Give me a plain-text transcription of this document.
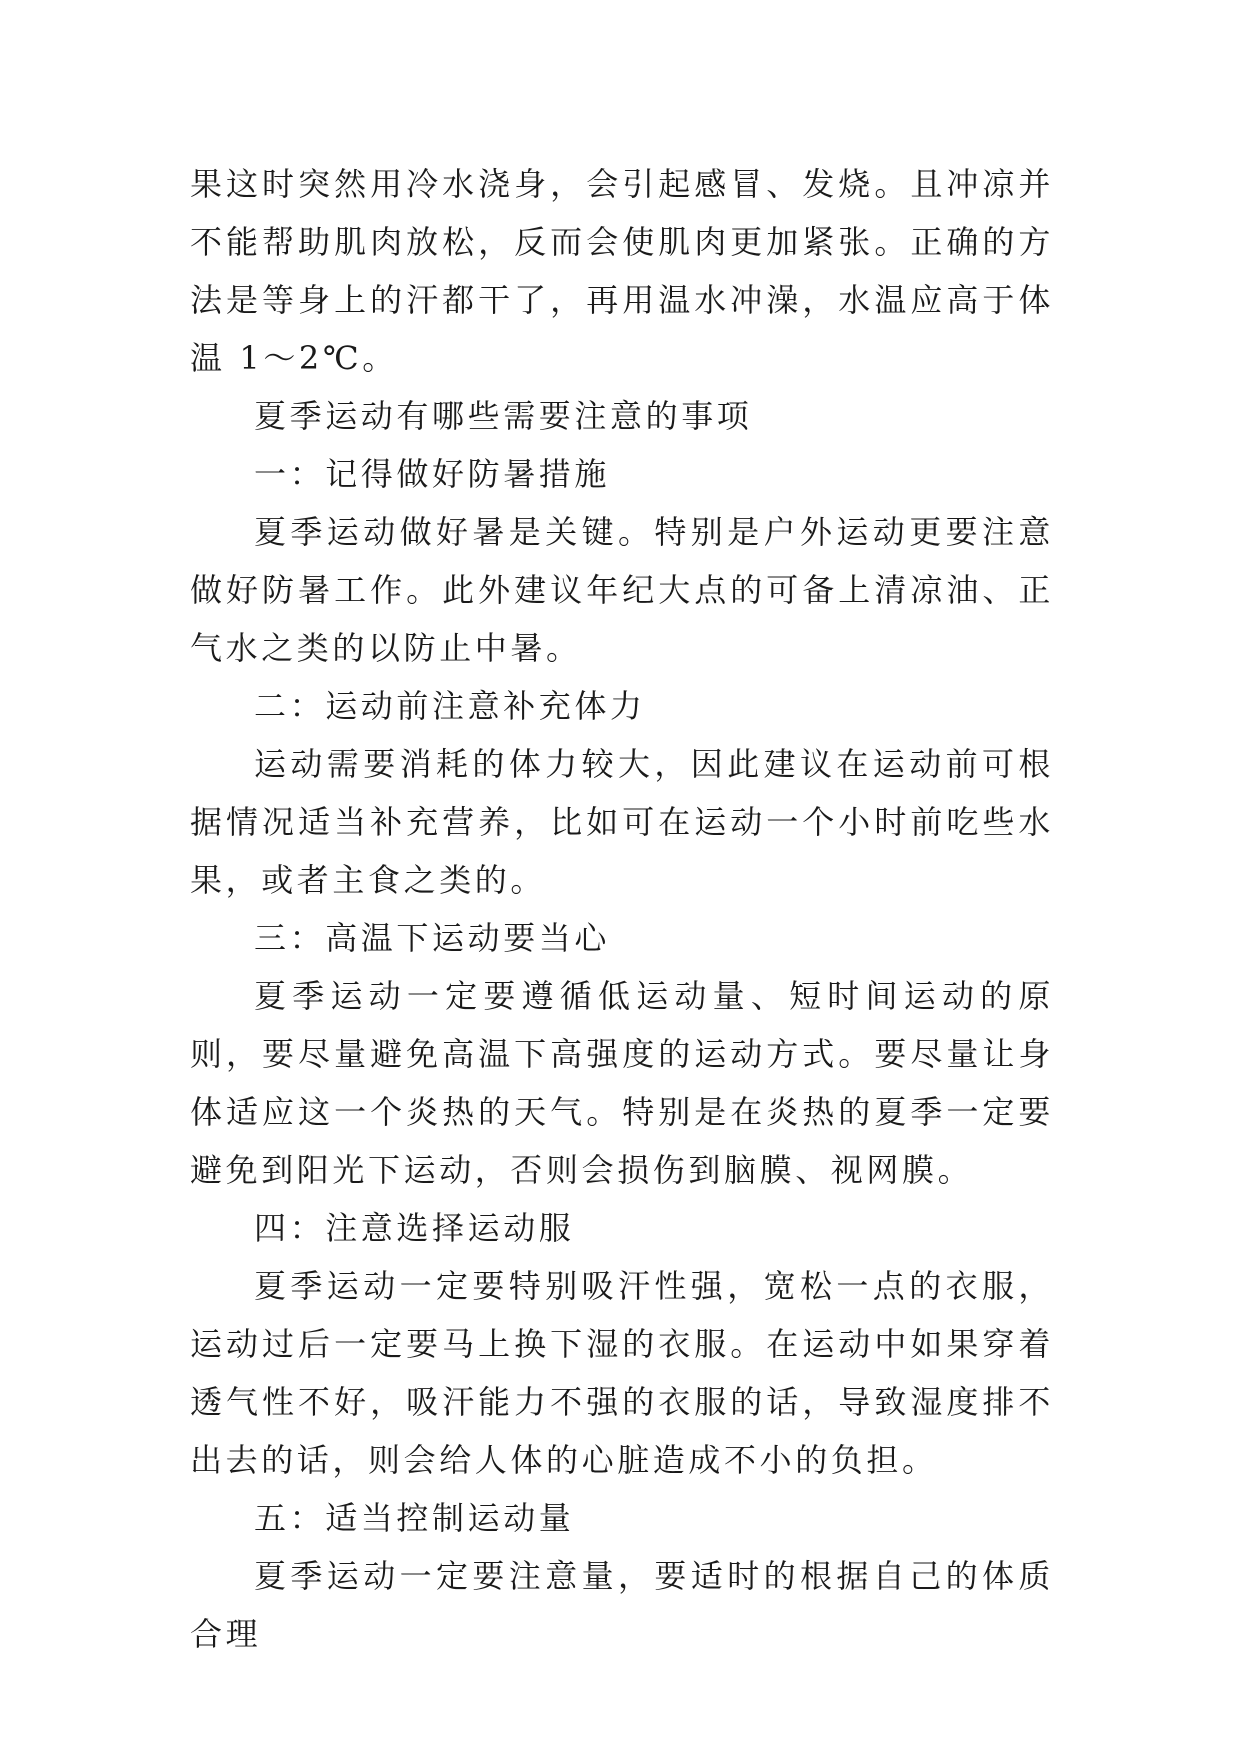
果这时突然用冷水浇身，会引起感冒、发烧。且冲凉并不能帮助肌肉放松，反而会使肌肉更加紧张。正确的方法是等身上的汗都干了，再用温水冲澡，水温应高于体温 1～2℃。

夏季运动有哪些需要注意的事项

一：记得做好防暑措施

夏季运动做好暑是关键。特别是户外运动更要注意做好防暑工作。此外建议年纪大点的可备上清凉油、正气水之类的以防止中暑。

二：运动前注意补充体力

运动需要消耗的体力较大，因此建议在运动前可根据情况适当补充营养，比如可在运动一个小时前吃些水果，或者主食之类的。

三：高温下运动要当心

夏季运动一定要遵循低运动量、短时间运动的原则，要尽量避免高温下高强度的运动方式。要尽量让身体适应这一个炎热的天气。特别是在炎热的夏季一定要避免到阳光下运动，否则会损伤到脑膜、视网膜。

四：注意选择运动服

夏季运动一定要特别吸汗性强，宽松一点的衣服，运动过后一定要马上换下湿的衣服。在运动中如果穿着透气性不好，吸汗能力不强的衣服的话，导致湿度排不出去的话，则会给人体的心脏造成不小的负担。

五：适当控制运动量

夏季运动一定要注意量，要适时的根据自己的体质合理
